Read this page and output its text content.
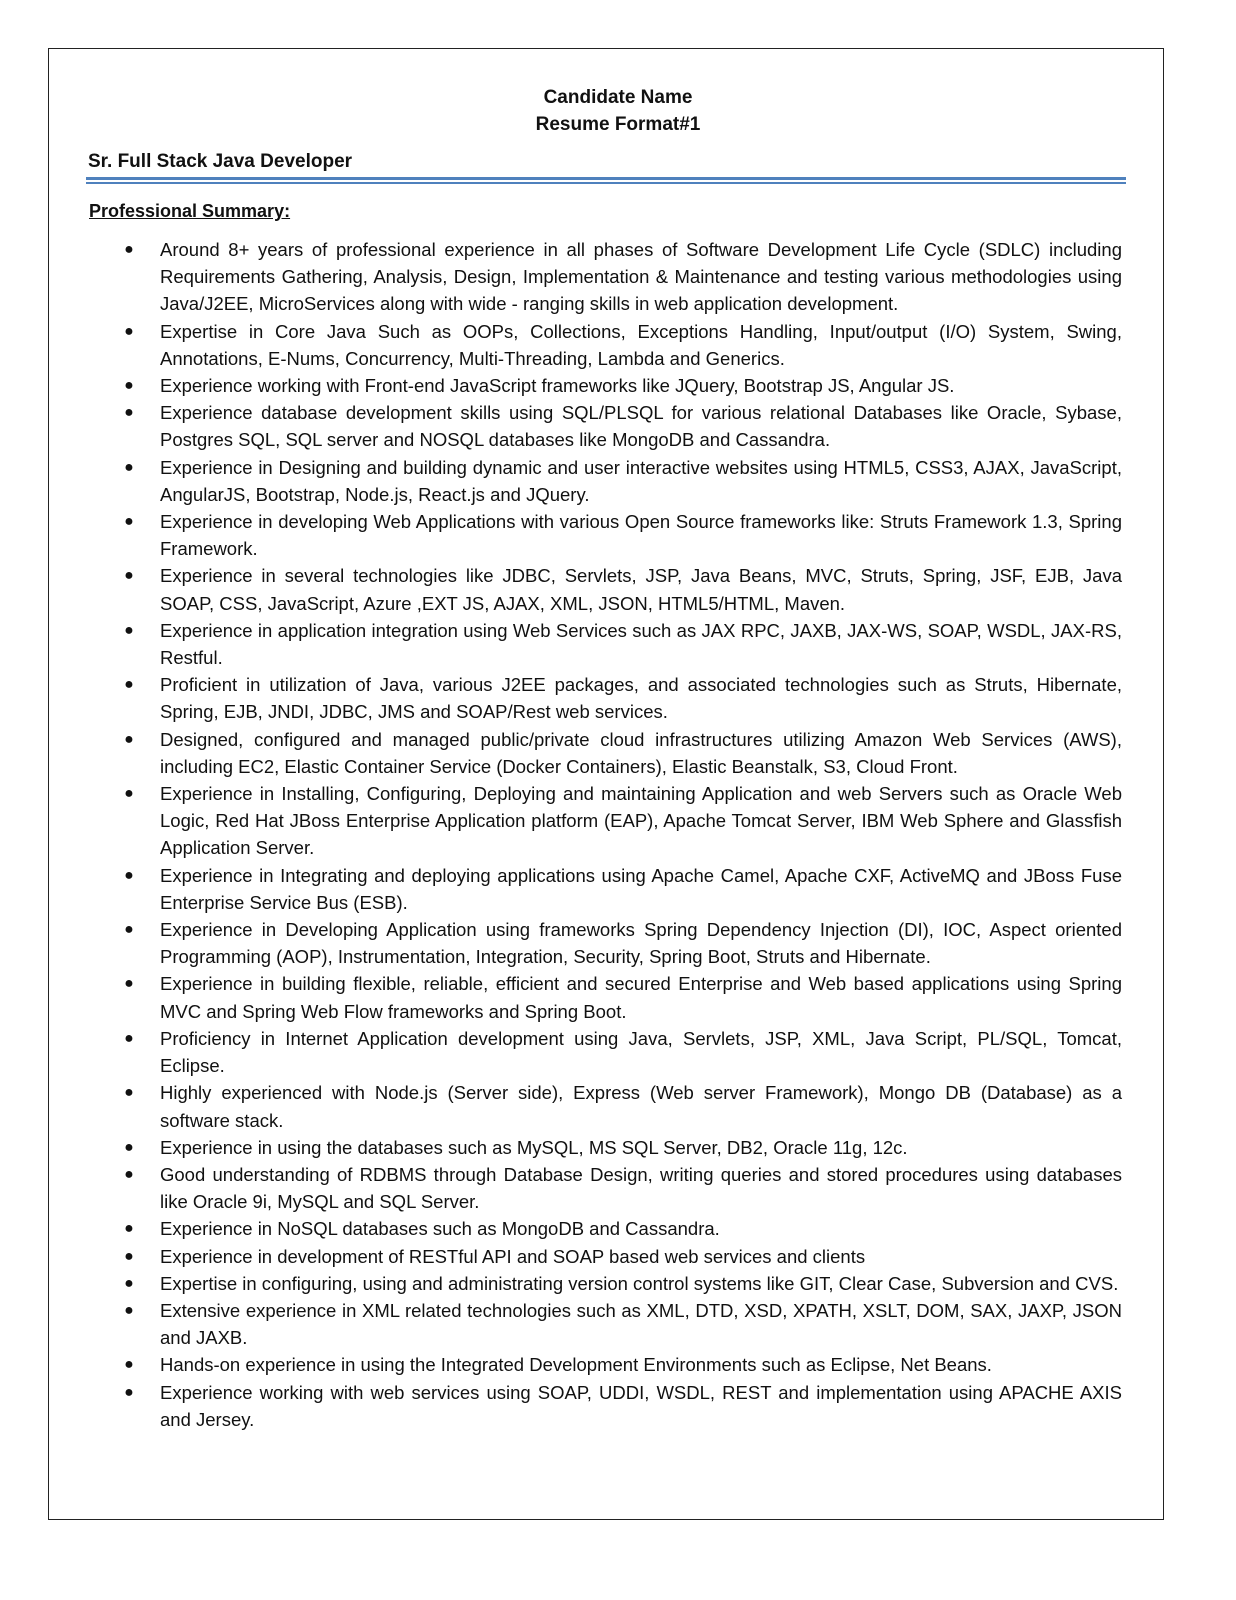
Candidate Name
Resume Format#1
Sr. Full Stack Java Developer
Professional Summary:
● Around 8+ years of professional experience in all phases of Software Development Life Cycle (SDLC) including Requirements Gathering, Analysis, Design, Implementation & Maintenance and testing various methodologies using Java/J2EE, MicroServices along with wide - ranging skills in web application development.
● Expertise in Core Java Such as OOPs, Collections, Exceptions Handling, Input/output (I/O) System, Swing, Annotations, E-Nums, Concurrency, Multi-Threading, Lambda and Generics.
● Experience working with Front-end JavaScript frameworks like JQuery, Bootstrap JS, Angular JS.
● Experience database development skills using SQL/PLSQL for various relational Databases like Oracle, Sybase, Postgres SQL, SQL server and NOSQL databases like MongoDB and Cassandra.
● Experience in Designing and building dynamic and user interactive websites using HTML5, CSS3, AJAX, JavaScript, AngularJS, Bootstrap, Node.js, React.js and JQuery.
● Experience in developing Web Applications with various Open Source frameworks like: Struts Framework 1.3, Spring Framework.
● Experience in several technologies like JDBC, Servlets, JSP, Java Beans, MVC, Struts, Spring, JSF, EJB, Java SOAP, CSS, JavaScript, Azure ,EXT JS, AJAX, XML, JSON, HTML5/HTML, Maven.
● Experience in application integration using Web Services such as JAX RPC, JAXB, JAX-WS, SOAP, WSDL, JAX-RS, Restful.
● Proficient in utilization of Java, various J2EE packages, and associated technologies such as Struts, Hibernate, Spring, EJB, JNDI, JDBC, JMS and SOAP/Rest web services.
● Designed, configured and managed public/private cloud infrastructures utilizing Amazon Web Services (AWS), including EC2, Elastic Container Service (Docker Containers), Elastic Beanstalk, S3, Cloud Front.
● Experience in Installing, Configuring, Deploying and maintaining Application and web Servers such as Oracle Web Logic, Red Hat JBoss Enterprise Application platform (EAP), Apache Tomcat Server, IBM Web Sphere and Glassfish Application Server.
● Experience in Integrating and deploying applications using Apache Camel, Apache CXF, ActiveMQ and JBoss Fuse Enterprise Service Bus (ESB).
● Experience in Developing Application using frameworks Spring Dependency Injection (DI), IOC, Aspect oriented Programming (AOP), Instrumentation, Integration, Security, Spring Boot, Struts and Hibernate.
● Experience in building flexible, reliable, efficient and secured Enterprise and Web based applications using Spring MVC and Spring Web Flow frameworks and Spring Boot.
● Proficiency in Internet Application development using Java, Servlets, JSP, XML, Java Script, PL/SQL, Tomcat, Eclipse.
● Highly experienced with Node.js (Server side), Express (Web server Framework), Mongo DB (Database) as a software stack.
● Experience in using the databases such as MySQL, MS SQL Server, DB2, Oracle 11g, 12c.
● Good understanding of RDBMS through Database Design, writing queries and stored procedures using databases like Oracle 9i, MySQL and SQL Server.
● Experience in NoSQL databases such as MongoDB and Cassandra.
● Experience in development of RESTful API and SOAP based web services and clients
● Expertise in configuring, using and administrating version control systems like GIT, Clear Case, Subversion and CVS.
● Extensive experience in XML related technologies such as XML, DTD, XSD, XPATH, XSLT, DOM, SAX, JAXP, JSON and JAXB.
● Hands-on experience in using the Integrated Development Environments such as Eclipse, Net Beans.
● Experience working with web services using SOAP, UDDI, WSDL, REST and implementation using APACHE AXIS and Jersey.
